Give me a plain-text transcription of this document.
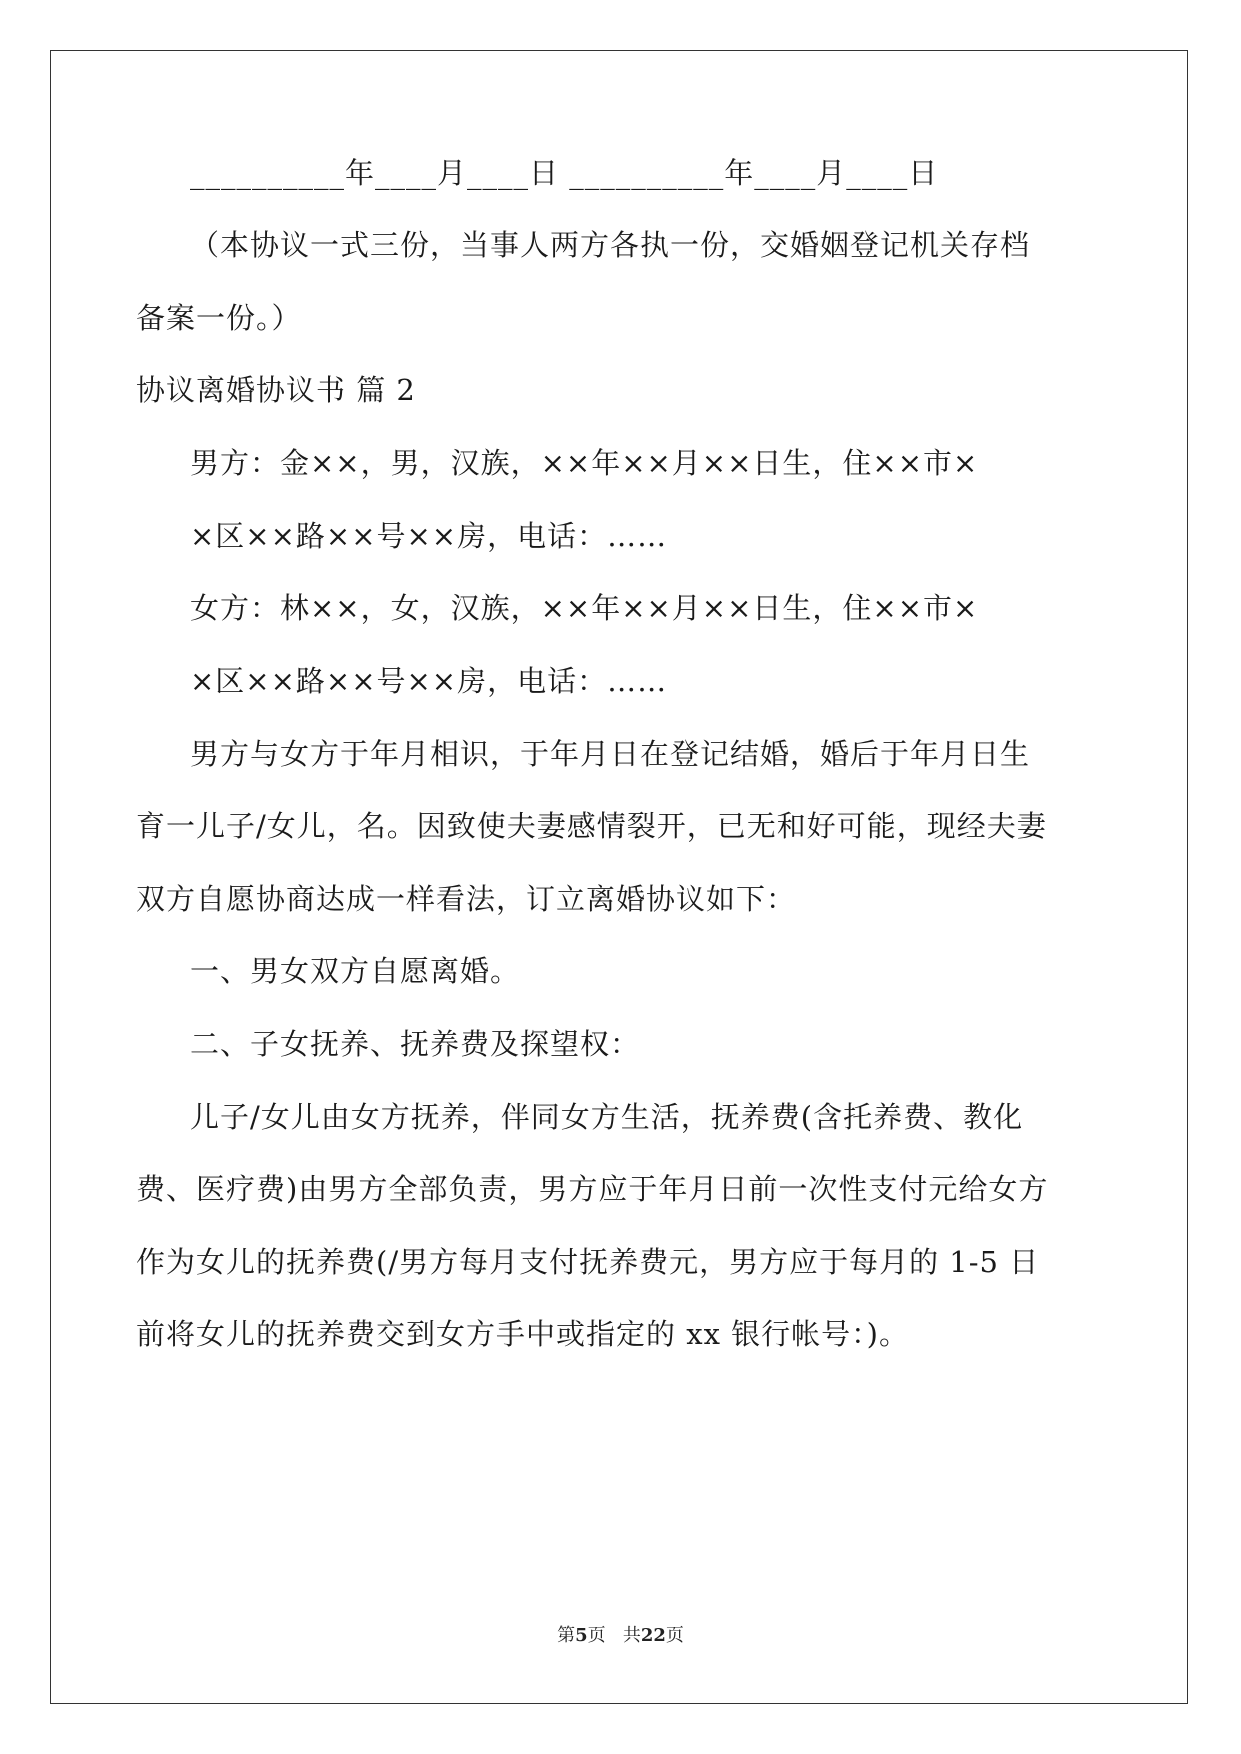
__________年____月____日 __________年____月____日
（本协议一式三份，当事人两方各执一份，交婚姻登记机关存档
备案一份。）
协议离婚协议书 篇 2
男方：金××，男，汉族，××年××月××日生，住××市×
×区××路××号××房，电话：……
女方：林××，女，汉族，××年××月××日生，住××市×
×区××路××号××房，电话：……
男方与女方于年月相识，于年月日在登记结婚，婚后于年月日生
育一儿子/女儿，名。因致使夫妻感情裂开，已无和好可能，现经夫妻
双方自愿协商达成一样看法，订立离婚协议如下：
一、男女双方自愿离婚。
二、子女抚养、抚养费及探望权：
儿子/女儿由女方抚养，伴同女方生活，抚养费(含托养费、教化
费、医疗费)由男方全部负责，男方应于年月日前一次性支付元给女方
作为女儿的抚养费(/男方每月支付抚养费元，男方应于每月的 1-5 日
前将女儿的抚养费交到女方手中或指定的 xx 银行帐号：)。
第5页 共22页
